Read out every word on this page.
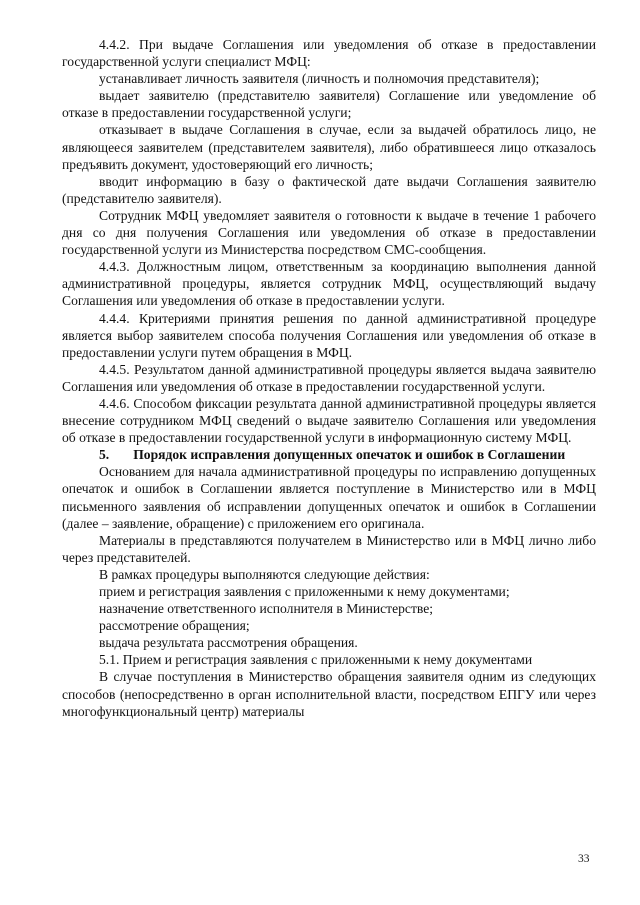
4.4.2. При выдаче Соглашения или уведомления об отказе в предоставлении государственной услуги специалист МФЦ:

устанавливает личность заявителя (личность и полномочия представителя);

выдает заявителю (представителю заявителя) Соглашение или уведомление об отказе в предоставлении государственной услуги;

отказывает в выдаче Соглашения в случае, если за выдачей обратилось лицо, не являющееся заявителем (представителем заявителя), либо обратившееся лицо отказалось предъявить документ, удостоверяющий его личность;

вводит информацию в базу о фактической дате выдачи Соглашения заявителю (представителю заявителя).

Сотрудник МФЦ уведомляет заявителя о готовности к выдаче в течение 1 рабочего дня со дня получения Соглашения или уведомления об отказе в предоставлении государственной услуги из Министерства посредством СМС-сообщения.

4.4.3. Должностным лицом, ответственным за координацию выполнения данной административной процедуры, является сотрудник МФЦ, осуществляющий выдачу Соглашения или уведомления об отказе в предоставлении услуги.

4.4.4. Критериями принятия решения по данной административной процедуре является выбор заявителем способа получения Соглашения или уведомления об отказе в предоставлении услуги путем обращения в МФЦ.

4.4.5. Результатом данной административной процедуры является выдача заявителю Соглашения или уведомления об отказе в предоставлении государственной услуги.

4.4.6. Способом фиксации результата данной административной процедуры является внесение сотрудником МФЦ сведений о выдаче заявителю Соглашения или уведомления об отказе в предоставлении государственной услуги в информационную систему МФЦ.

5. Порядок исправления допущенных опечаток и ошибок в Соглашении

Основанием для начала административной процедуры по исправлению допущенных опечаток и ошибок в Соглашении является поступление в Министерство или в МФЦ письменного заявления об исправлении допущенных опечаток и ошибок в Соглашении (далее – заявление, обращение) с приложением его оригинала.

Материалы в представляются получателем в Министерство или в МФЦ лично либо через представителей.

В рамках процедуры выполняются следующие действия:

прием и регистрация заявления с приложенными к нему документами;

назначение ответственного исполнителя в Министерстве;

рассмотрение обращения;

выдача результата рассмотрения обращения.

5.1. Прием и регистрация заявления с приложенными к нему документами

В случае поступления в Министерство обращения заявителя одним из следующих способов (непосредственно в орган исполнительной власти, посредством ЕПГУ или через многофункциональный центр) материалы

33
